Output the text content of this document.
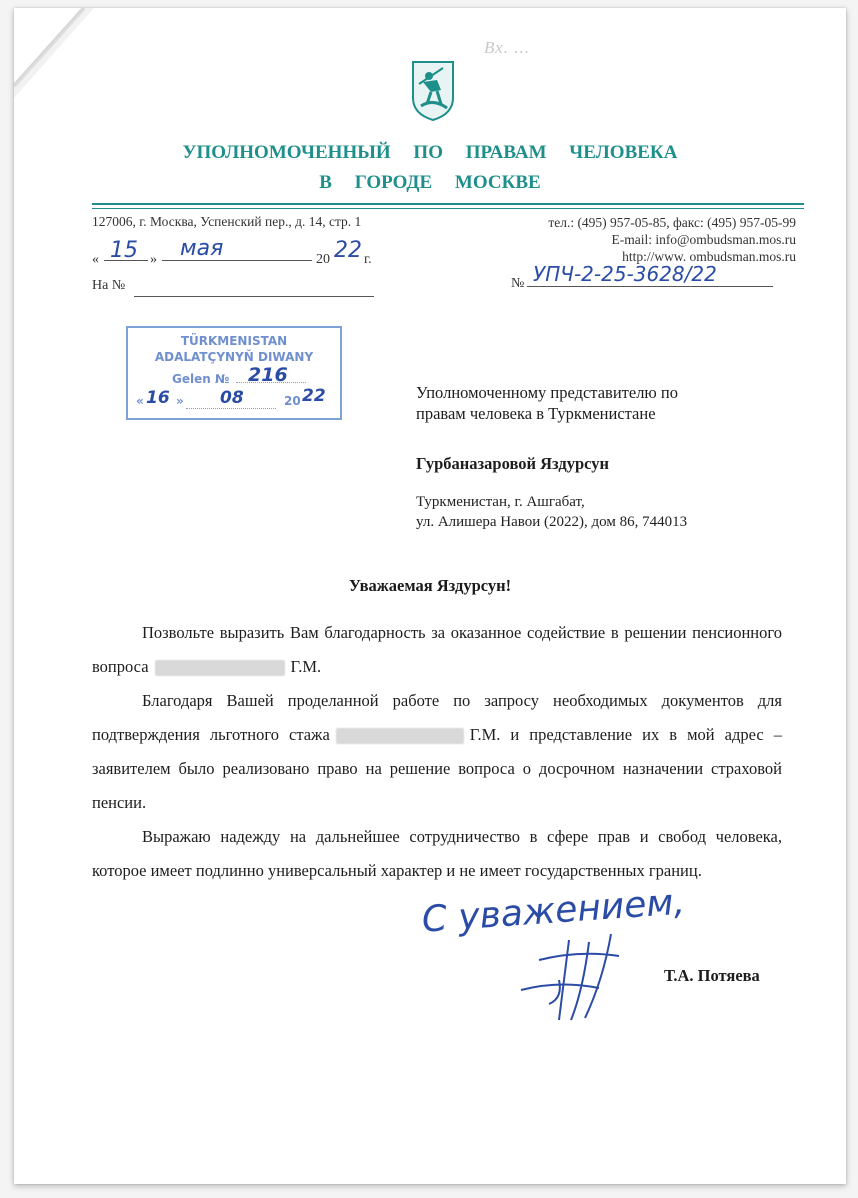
Вх. ...
УПОЛНОМОЧЕННЫЙ ПО ПРАВАМ ЧЕЛОВЕКА
В ГОРОДЕ МОСКВЕ
127006, г. Москва, Успенский пер., д. 14, стр. 1	тел.: (495) 957-05-85, факс: (495) 957-05-99
E-mail: info@ombudsman.mos.ru
http://www. ombudsman.mos.ru
« 15 » мая	20 22 г.
На №	№ УПЧ-2-25-3628/22
TÜRKMENISTAN
ADALATÇYNYŇ DIWANY
Gelen № 216
« 16 » 08	20 22	Уполномоченному представителю по
правам человека в Туркменистане
Гурбаназаровой Яздурсун
Туркменистан, г. Ашгабат,
ул. Алишера Навои (2022), дом 86, 744013
Уважаемая Яздурсун!
Позвольте выразить Вам благодарность за оказанное содействие в решении пенсионного вопроса	Г.М.
Благодаря Вашей проделанной работе по запросу необходимых документов для подтверждения льготного стажа	Г.М. и представление их в мой адрес – заявителем было реализовано право на решение вопроса о досрочном назначении страховой пенсии.
Выражаю надежду на дальнейшее сотрудничество в сфере прав и свобод человека, которое имеет подлинно универсальный характер и не имеет государственных границ.
С уважением,
Т.А. Потяева
